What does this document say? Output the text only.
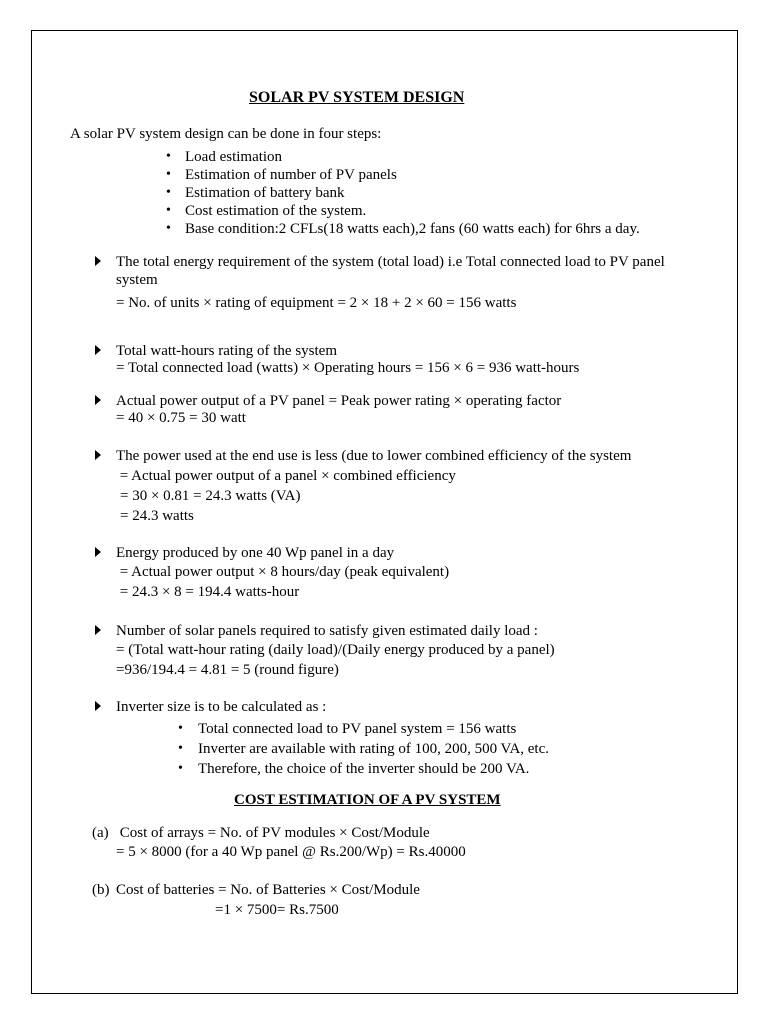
SOLAR PV SYSTEM DESIGN
A solar PV system design can be done in four steps:
• Load estimation
• Estimation of number of PV panels
• Estimation of battery bank
• Cost estimation of the system.
• Base condition:2 CFLs(18 watts each),2 fans (60 watts each) for 6hrs a day.
The total energy requirement of the system (total load) i.e Total connected load to PV panel
system
= No. of units × rating of equipment = 2 × 18 + 2 × 60 = 156 watts
Total watt-hours rating of the system
= Total connected load (watts) × Operating hours = 156 × 6 = 936 watt-hours
Actual power output of a PV panel = Peak power rating × operating factor
= 40 × 0.75 = 30 watt
The power used at the end use is less (due to lower combined efficiency of the system
= Actual power output of a panel × combined efficiency
= 30 × 0.81 = 24.3 watts (VA)
= 24.3 watts
Energy produced by one 40 Wp panel in a day
= Actual power output × 8 hours/day (peak equivalent)
= 24.3 × 8 = 194.4 watts-hour
Number of solar panels required to satisfy given estimated daily load :
= (Total watt-hour rating (daily load)/(Daily energy produced by a panel)
=936/194.4 = 4.81 = 5 (round figure)
Inverter size is to be calculated as :
• Total connected load to PV panel system = 156 watts
• Inverter are available with rating of 100, 200, 500 VA, etc.
• Therefore, the choice of the inverter should be 200 VA.
COST ESTIMATION OF A PV SYSTEM
(a) Cost of arrays = No. of PV modules × Cost/Module
= 5 × 8000 (for a 40 Wp panel @ Rs.200/Wp) = Rs.40000
(b) Cost of batteries = No. of Batteries × Cost/Module
=1 × 7500= Rs.7500
